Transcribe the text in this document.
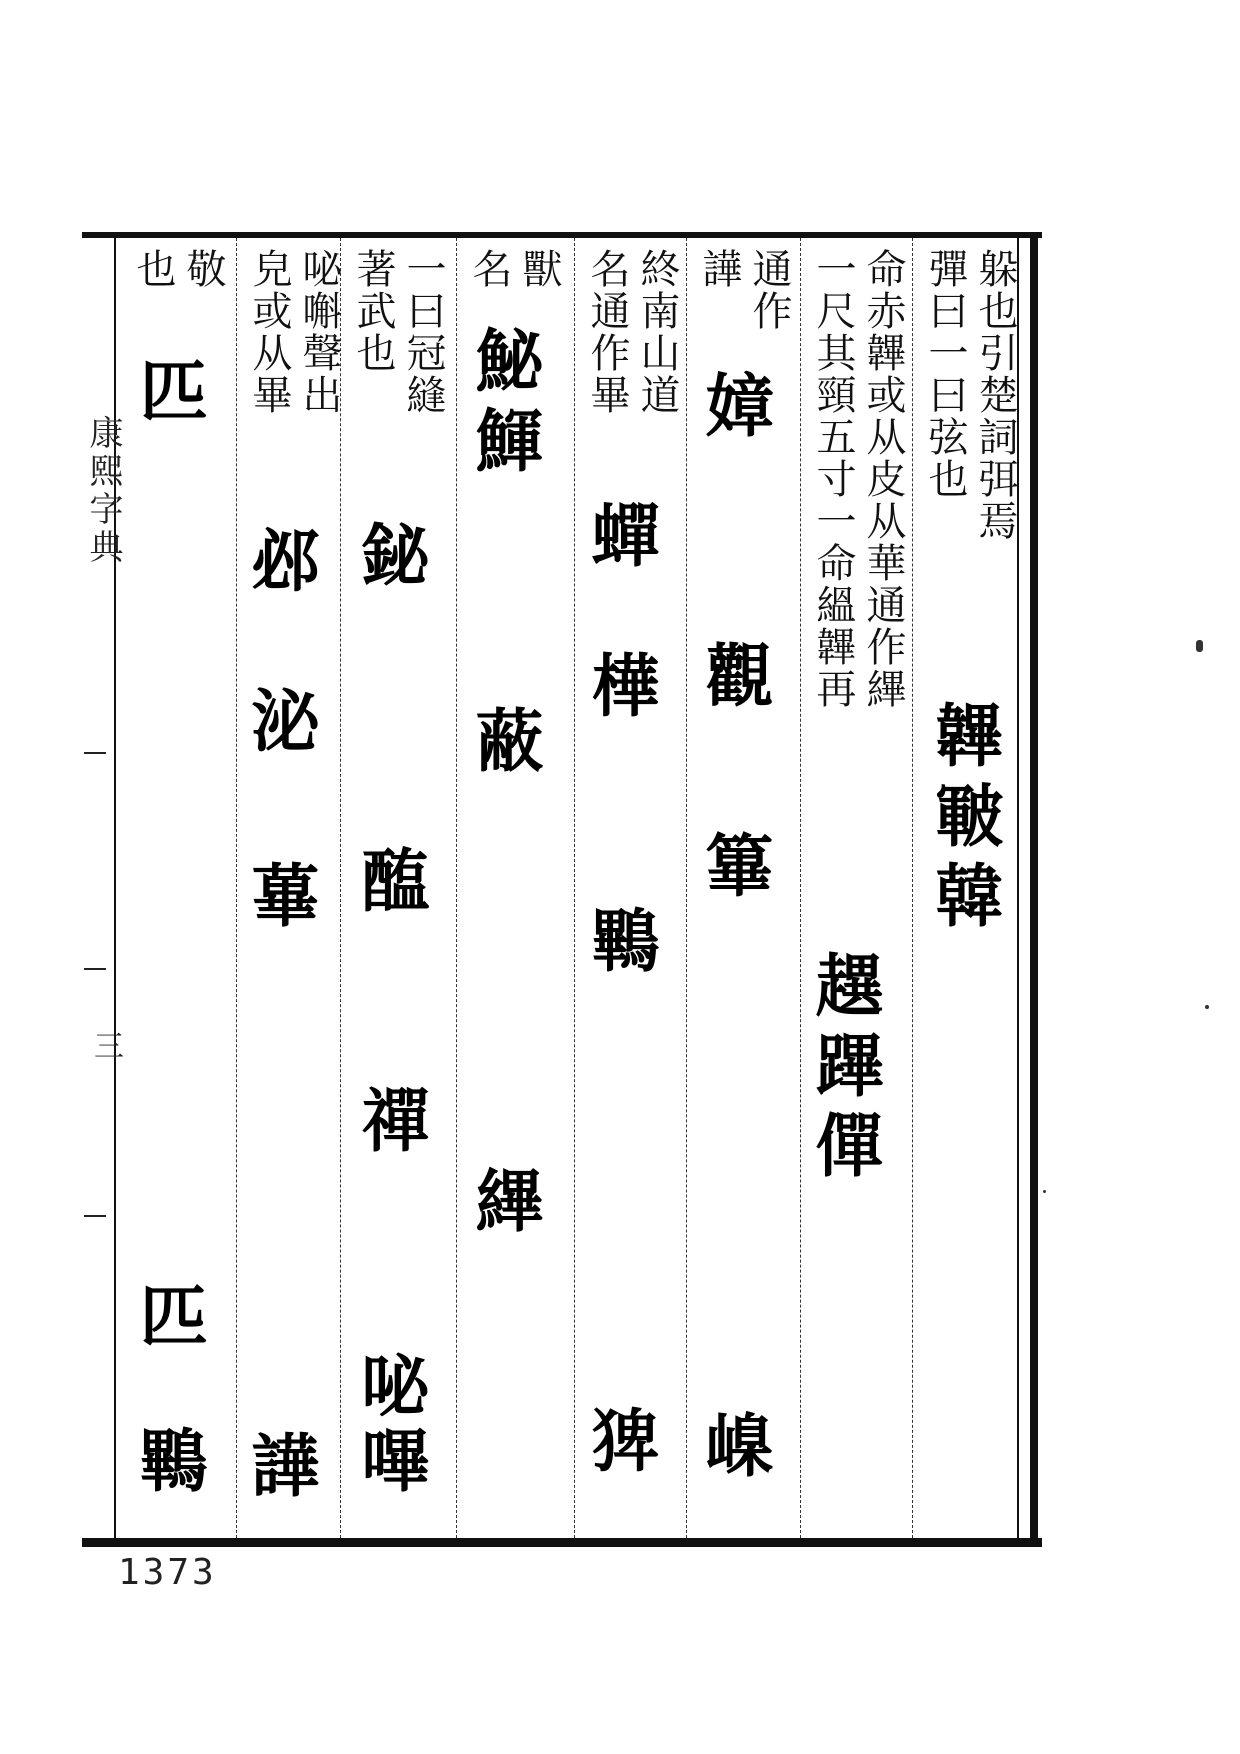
康熙字典
三
1373
躲也引楚詞弭焉
彈曰一曰弦也
命赤韠或从皮从華通作縪
一尺其頸五寸一命縕韠再
通作
譁
終南山道
名通作畢
獸
名
一曰冠縫
著武也
咇嘝聲出
皃或从畢
敬
也
韠
皸
韓
趩
蹕
僤
嫜
觀
篳
嵲
蟬
樺
鷝
猈
鮅
鯶
蔽
縪
鉍
醢
禪
咇
嗶
邲
泌
蓽
譁
匹
匹
鷝
